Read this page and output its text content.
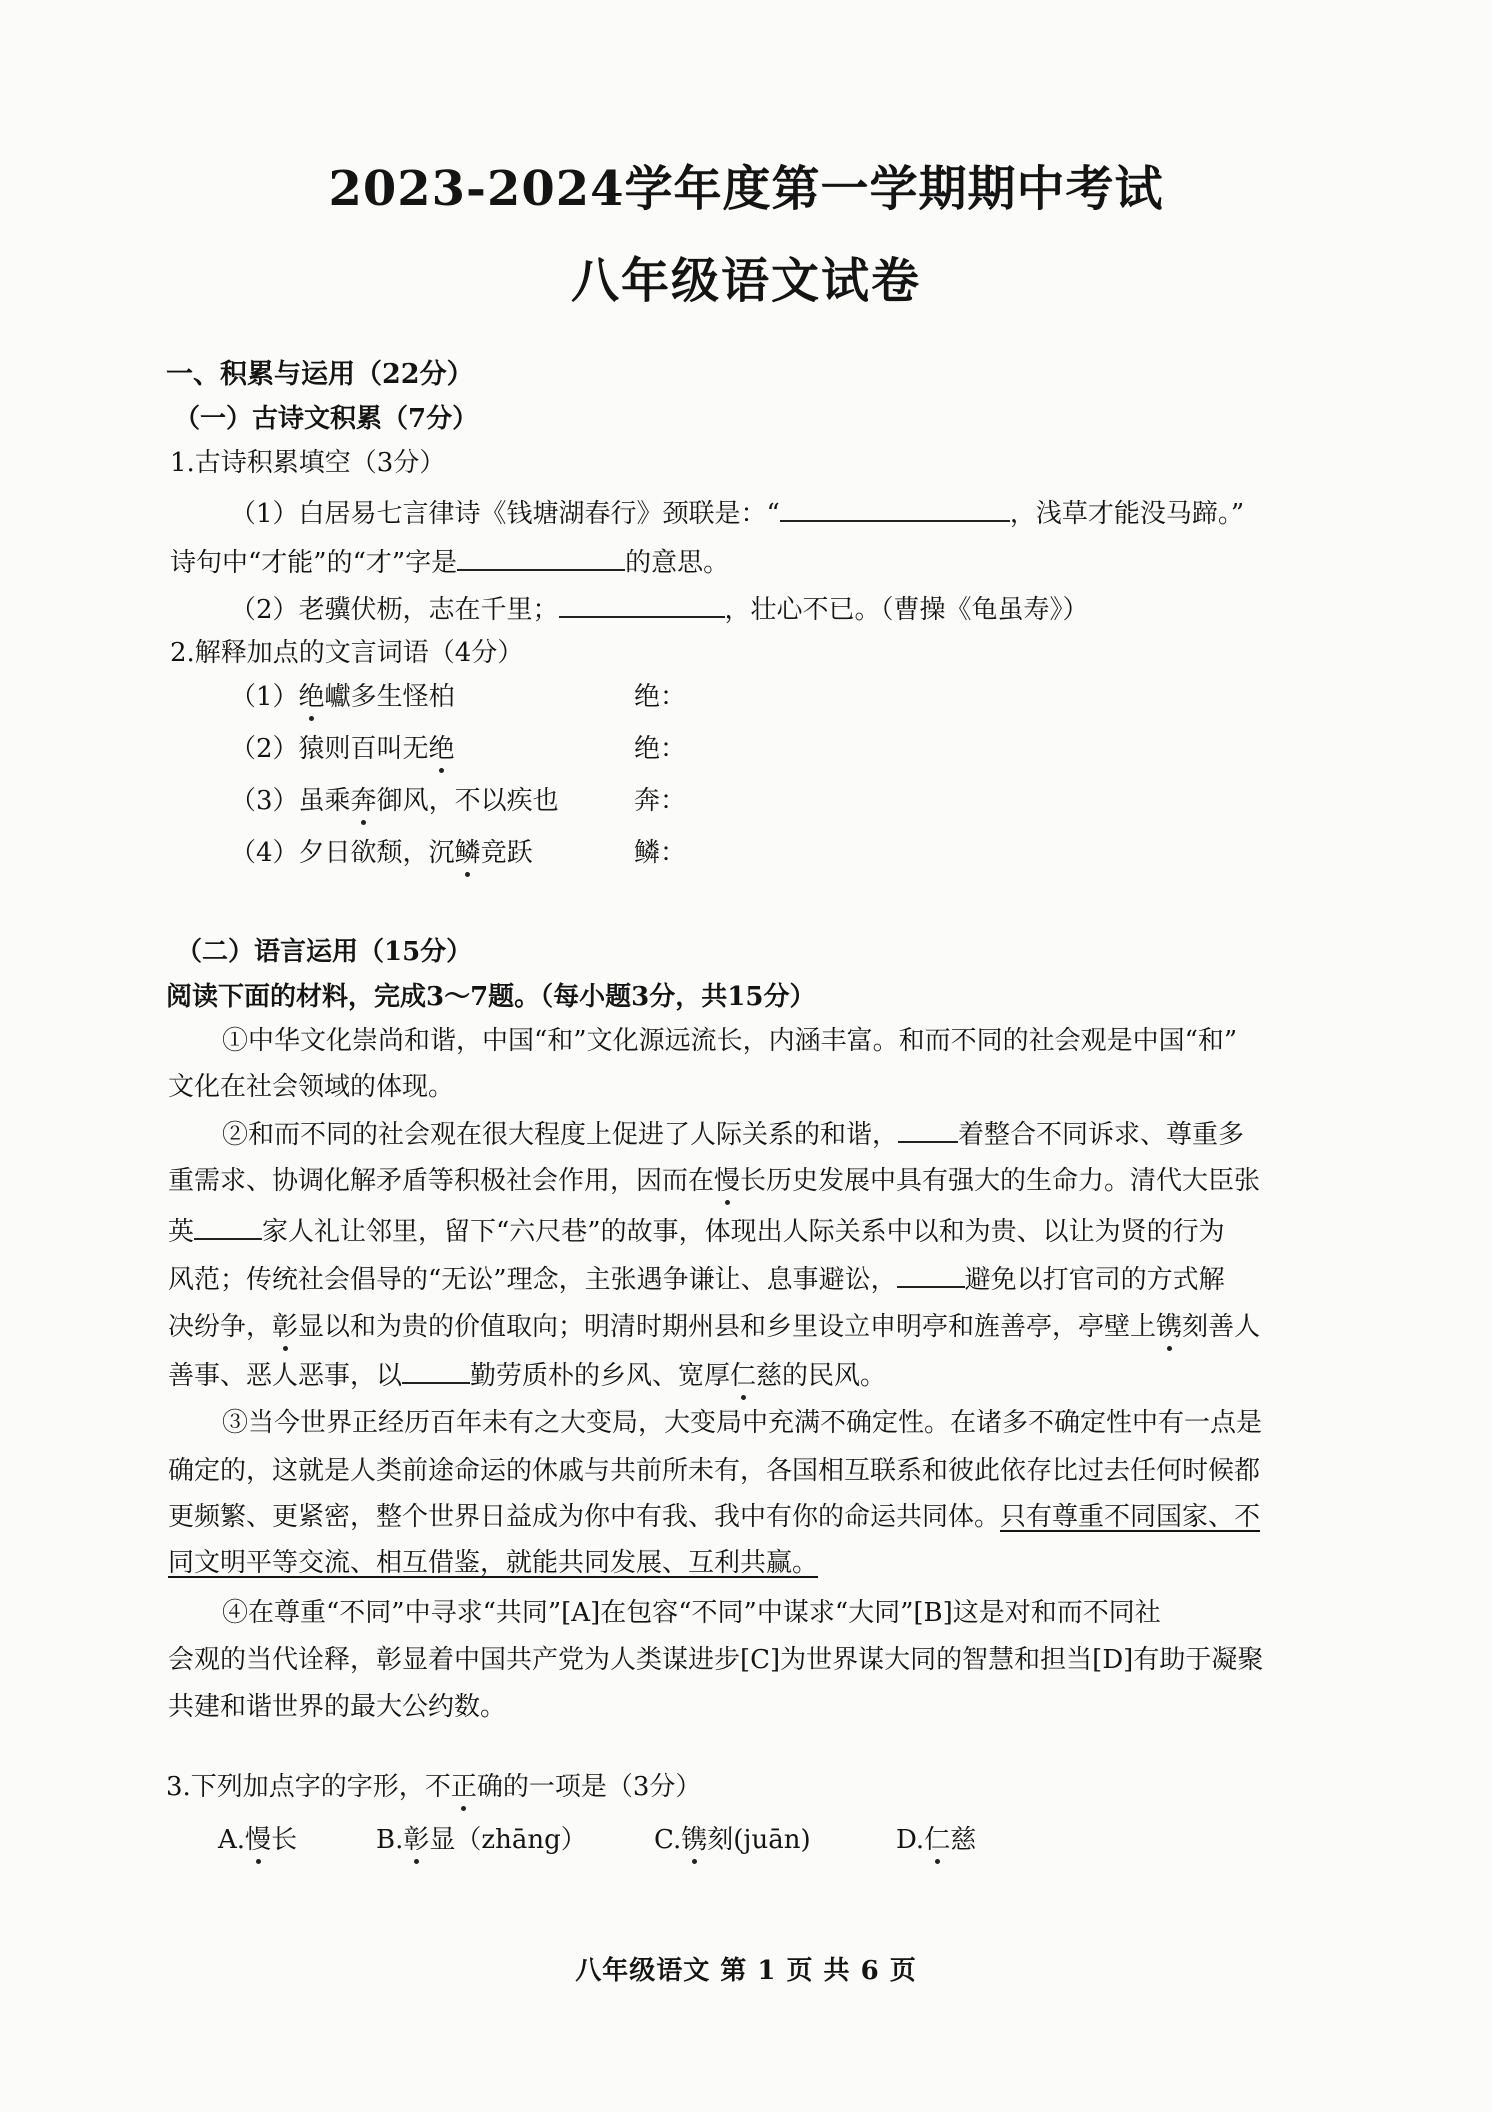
2023-2024学年度第一学期期中考试
八年级语文试卷
一、积累与运用（22分）
（一）古诗文积累（7分）
1.古诗积累填空（3分）
（1）白居易七言律诗《钱塘湖春行》颈联是：“	，浅草才能没马蹄。”
诗句中“才能”的“才”字是	的意思。
（2）老骥伏枥，志在千里；	，壮心不已。（曹操《龟虽寿》）
2.解释加点的文言词语（4分）
（1）绝巘多生怪柏	绝：
（2）猿则百叫无绝	绝：
（3）虽乘奔御风，不以疾也	奔：
（4）夕日欲颓，沉鳞竞跃	鳞：
（二）语言运用（15分）
阅读下面的材料，完成3～7题。（每小题3分，共15分）
①中华文化崇尚和谐，中国“和”文化源远流长，内涵丰富。和而不同的社会观是中国“和”
文化在社会领域的体现。
②和而不同的社会观在很大程度上促进了人际关系的和谐， 着整合不同诉求、尊重多
重需求、协调化解矛盾等积极社会作用，因而在慢长历史发展中具有强大的生命力。清代大臣张
英	家人礼让邻里，留下“六尺巷”的故事，体现出人际关系中以和为贵、以让为贤的行为
风范；传统社会倡导的“无讼”理念，主张遇争谦让、息事避讼，	避免以打官司的方式解
决纷争，彰显以和为贵的价值取向；明清时期州县和乡里设立申明亭和旌善亭，亭壁上镌刻善人
善事、恶人恶事，以	勤劳质朴的乡风、宽厚仁慈的民风。
③当今世界正经历百年未有之大变局，大变局中充满不确定性。在诸多不确定性中有一点是
确定的，这就是人类前途命运的休戚与共前所未有，各国相互联系和彼此依存比过去任何时候都
更频繁、更紧密，整个世界日益成为你中有我、我中有你的命运共同体。只有尊重不同国家、不
同文明平等交流、相互借鉴，就能共同发展、互利共赢。
④在尊重“不同”中寻求“共同”[A]在包容“不同”中谋求“大同”[B]这是对和而不同社
会观的当代诠释，彰显着中国共产党为人类谋进步[C]为世界谋大同的智慧和担当[D]有助于凝聚
共建和谐世界的最大公约数。
3.下列加点字的字形，不正确的一项是（3分）
A.慢长	B.彰显（zhāng）	C.镌刻(juān)	D.仁慈
八年级语文 第 1 页 共 6 页
